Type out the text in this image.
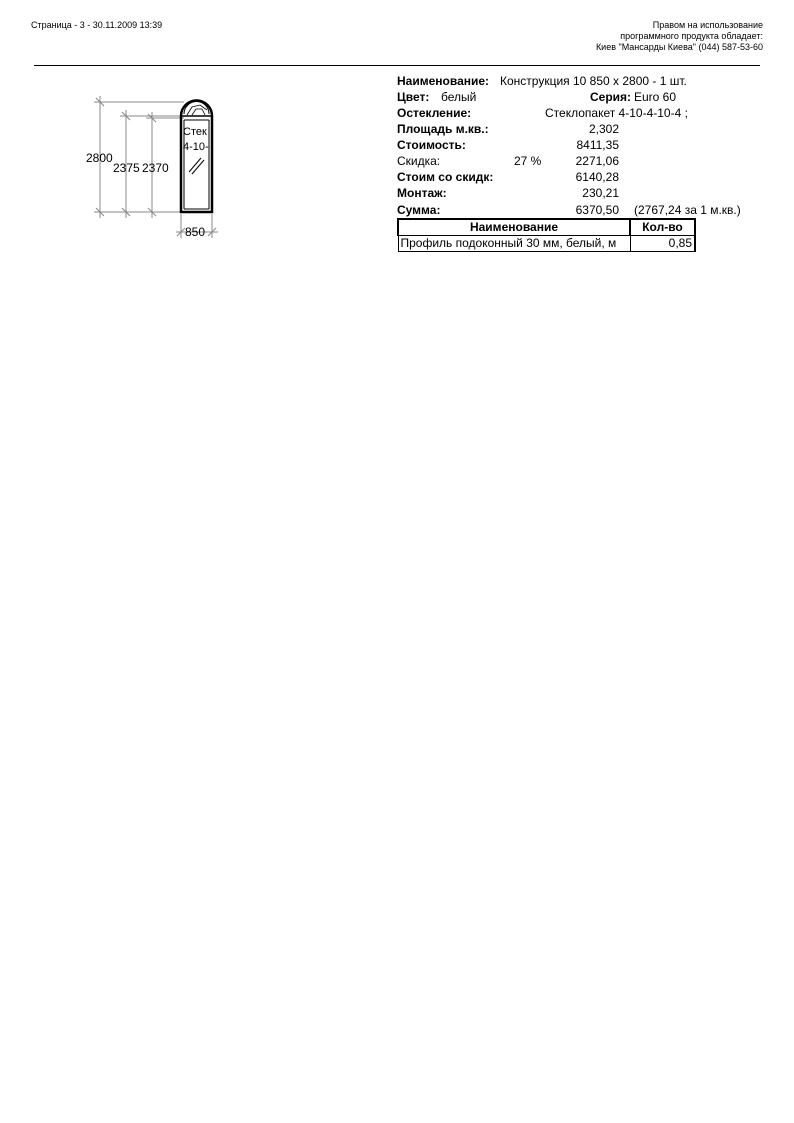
Страница - 3 - 30.11.2009 13:39	Правом на использование
программного продукта обладает:
Киев "Мансарды Киева" (044) 587-53-60
2800
2375 2370
850
Стек
4-10-
Наименование: Конструкция 10 850 x 2800 - 1 шт.
Цвет: белый	Серия: Euro 60
Остекление:	Стеклопакет 4-10-4-10-4 ;
Площадь м.кв.:	2,302
Стоимость:	8411,35
Скидка:	27 %	2271,06
Стоим со скидк:	6140,28
Монтаж:	230,21
Сумма:	6370,50 (2767,24 за 1 м.кв.)
Наименование	Кол-во
Профиль подоконный 30 мм, белый, м	0,85
